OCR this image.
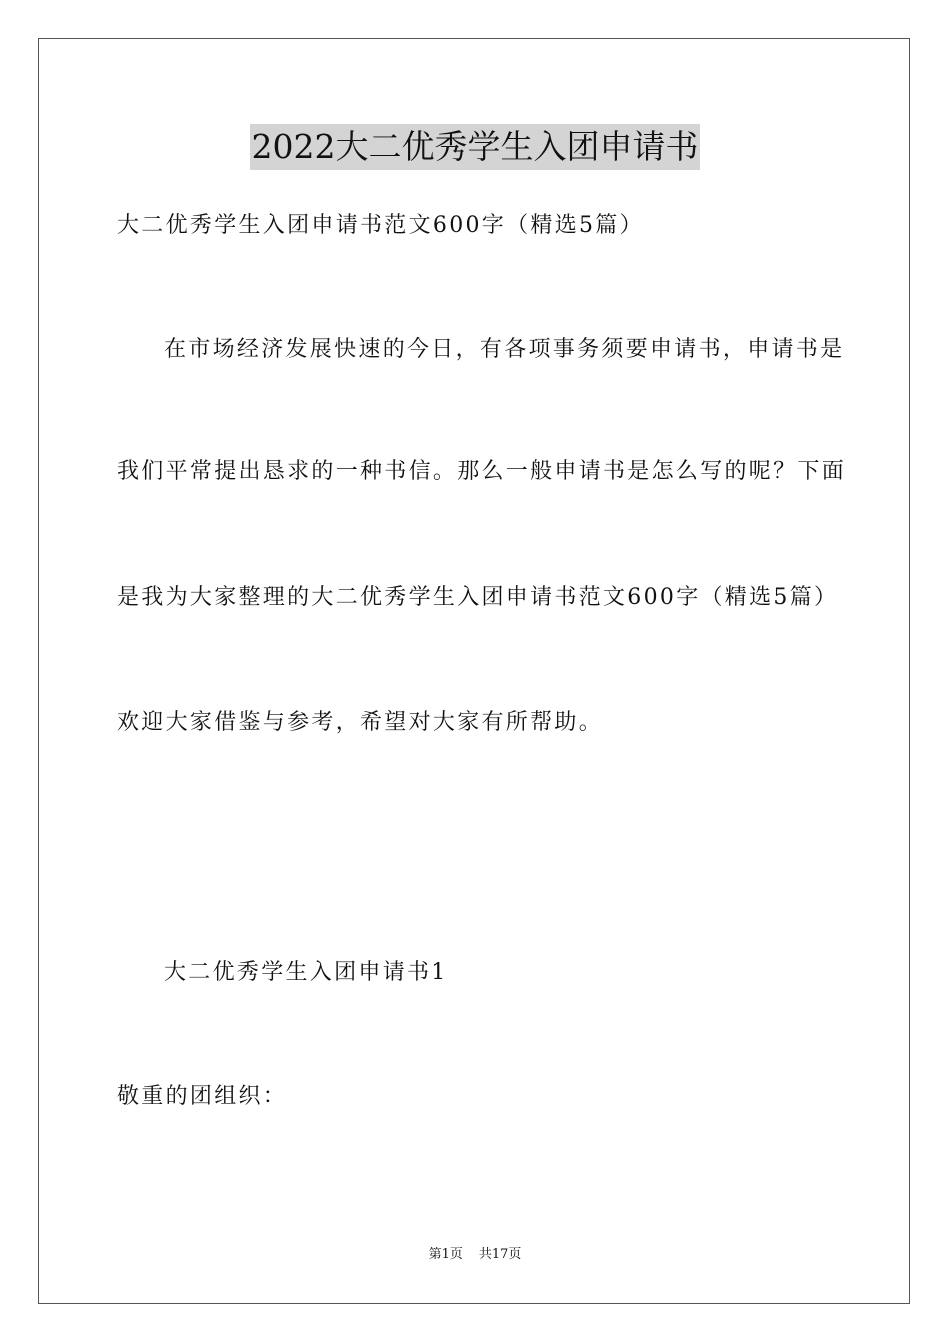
2022大二优秀学生入团申请书
大二优秀学生入团申请书范文600字（精选5篇）
在市场经济发展快速的今日，有各项事务须要申请书，申请书是
我们平常提出恳求的一种书信。那么一般申请书是怎么写的呢？下面
是我为大家整理的大二优秀学生入团申请书范文600字（精选5篇）
欢迎大家借鉴与参考，希望对大家有所帮助。
大二优秀学生入团申请书1
敬重的团组织：
第1页 共17页
